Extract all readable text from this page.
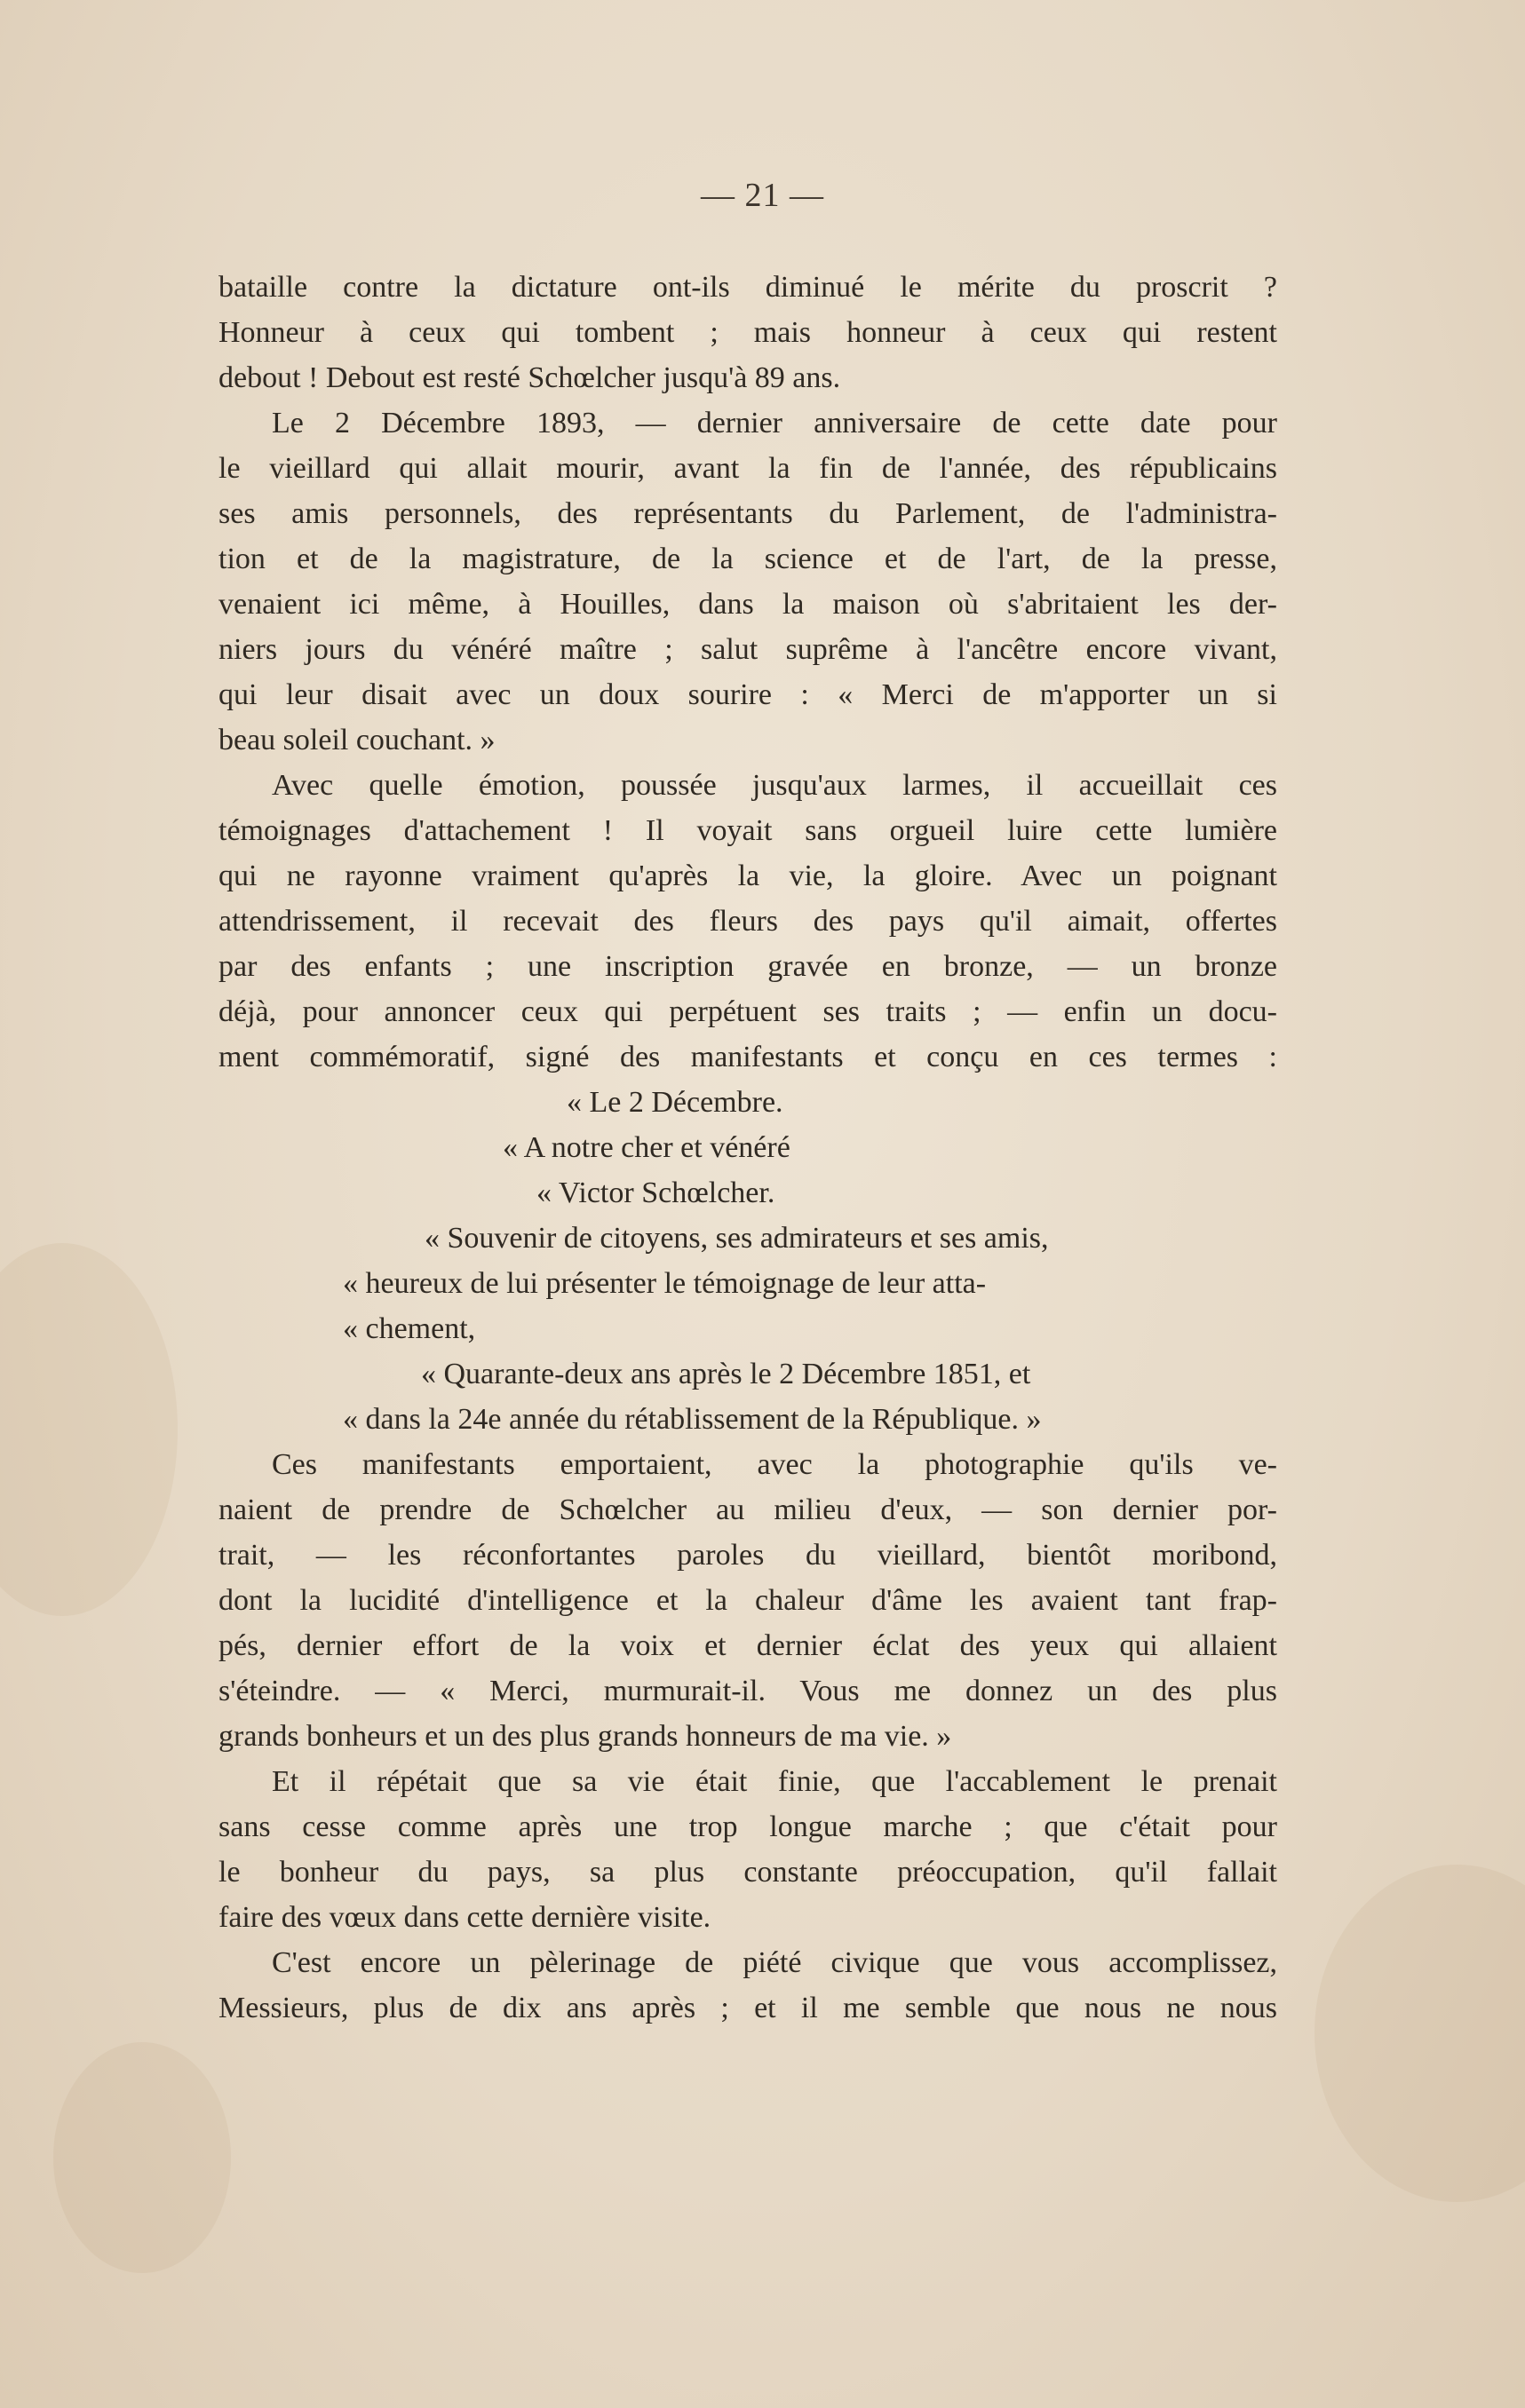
— 21 —
bataille contre la dictature ont-ils diminué le mérite du proscrit ?
Honneur à ceux qui tombent ; mais honneur à ceux qui restent
debout ! Debout est resté Schœlcher jusqu'à 89 ans.
Le 2 Décembre 1893, — dernier anniversaire de cette date pour
le vieillard qui allait mourir, avant la fin de l'année, des républicains
ses amis personnels, des représentants du Parlement, de l'administra-
tion et de la magistrature, de la science et de l'art, de la presse,
venaient ici même, à Houilles, dans la maison où s'abritaient les der-
niers jours du vénéré maître ; salut suprême à l'ancêtre encore vivant,
qui leur disait avec un doux sourire : « Merci de m'apporter un si
beau soleil couchant. »
Avec quelle émotion, poussée jusqu'aux larmes, il accueillait ces
témoignages d'attachement ! Il voyait sans orgueil luire cette lumière
qui ne rayonne vraiment qu'après la vie, la gloire. Avec un poignant
attendrissement, il recevait des fleurs des pays qu'il aimait, offertes
par des enfants ; une inscription gravée en bronze, — un bronze
déjà, pour annoncer ceux qui perpétuent ses traits ; — enfin un docu-
ment commémoratif, signé des manifestants et conçu en ces termes :
« Le 2 Décembre.
« A notre cher et vénéré
« Victor Schœlcher.
« Souvenir de citoyens, ses admirateurs et ses amis,
« heureux de lui présenter le témoignage de leur atta-
« chement,
« Quarante-deux ans après le 2 Décembre 1851, et
« dans la 24e année du rétablissement de la République. »
Ces manifestants emportaient, avec la photographie qu'ils ve-
naient de prendre de Schœlcher au milieu d'eux, — son dernier por-
trait, — les réconfortantes paroles du vieillard, bientôt moribond,
dont la lucidité d'intelligence et la chaleur d'âme les avaient tant frap-
pés, dernier effort de la voix et dernier éclat des yeux qui allaient
s'éteindre. — « Merci, murmurait-il. Vous me donnez un des plus
grands bonheurs et un des plus grands honneurs de ma vie. »
Et il répétait que sa vie était finie, que l'accablement le prenait
sans cesse comme après une trop longue marche ; que c'était pour
le bonheur du pays, sa plus constante préoccupation, qu'il fallait
faire des vœux dans cette dernière visite.
C'est encore un pèlerinage de piété civique que vous accomplissez,
Messieurs, plus de dix ans après ; et il me semble que nous ne nous
